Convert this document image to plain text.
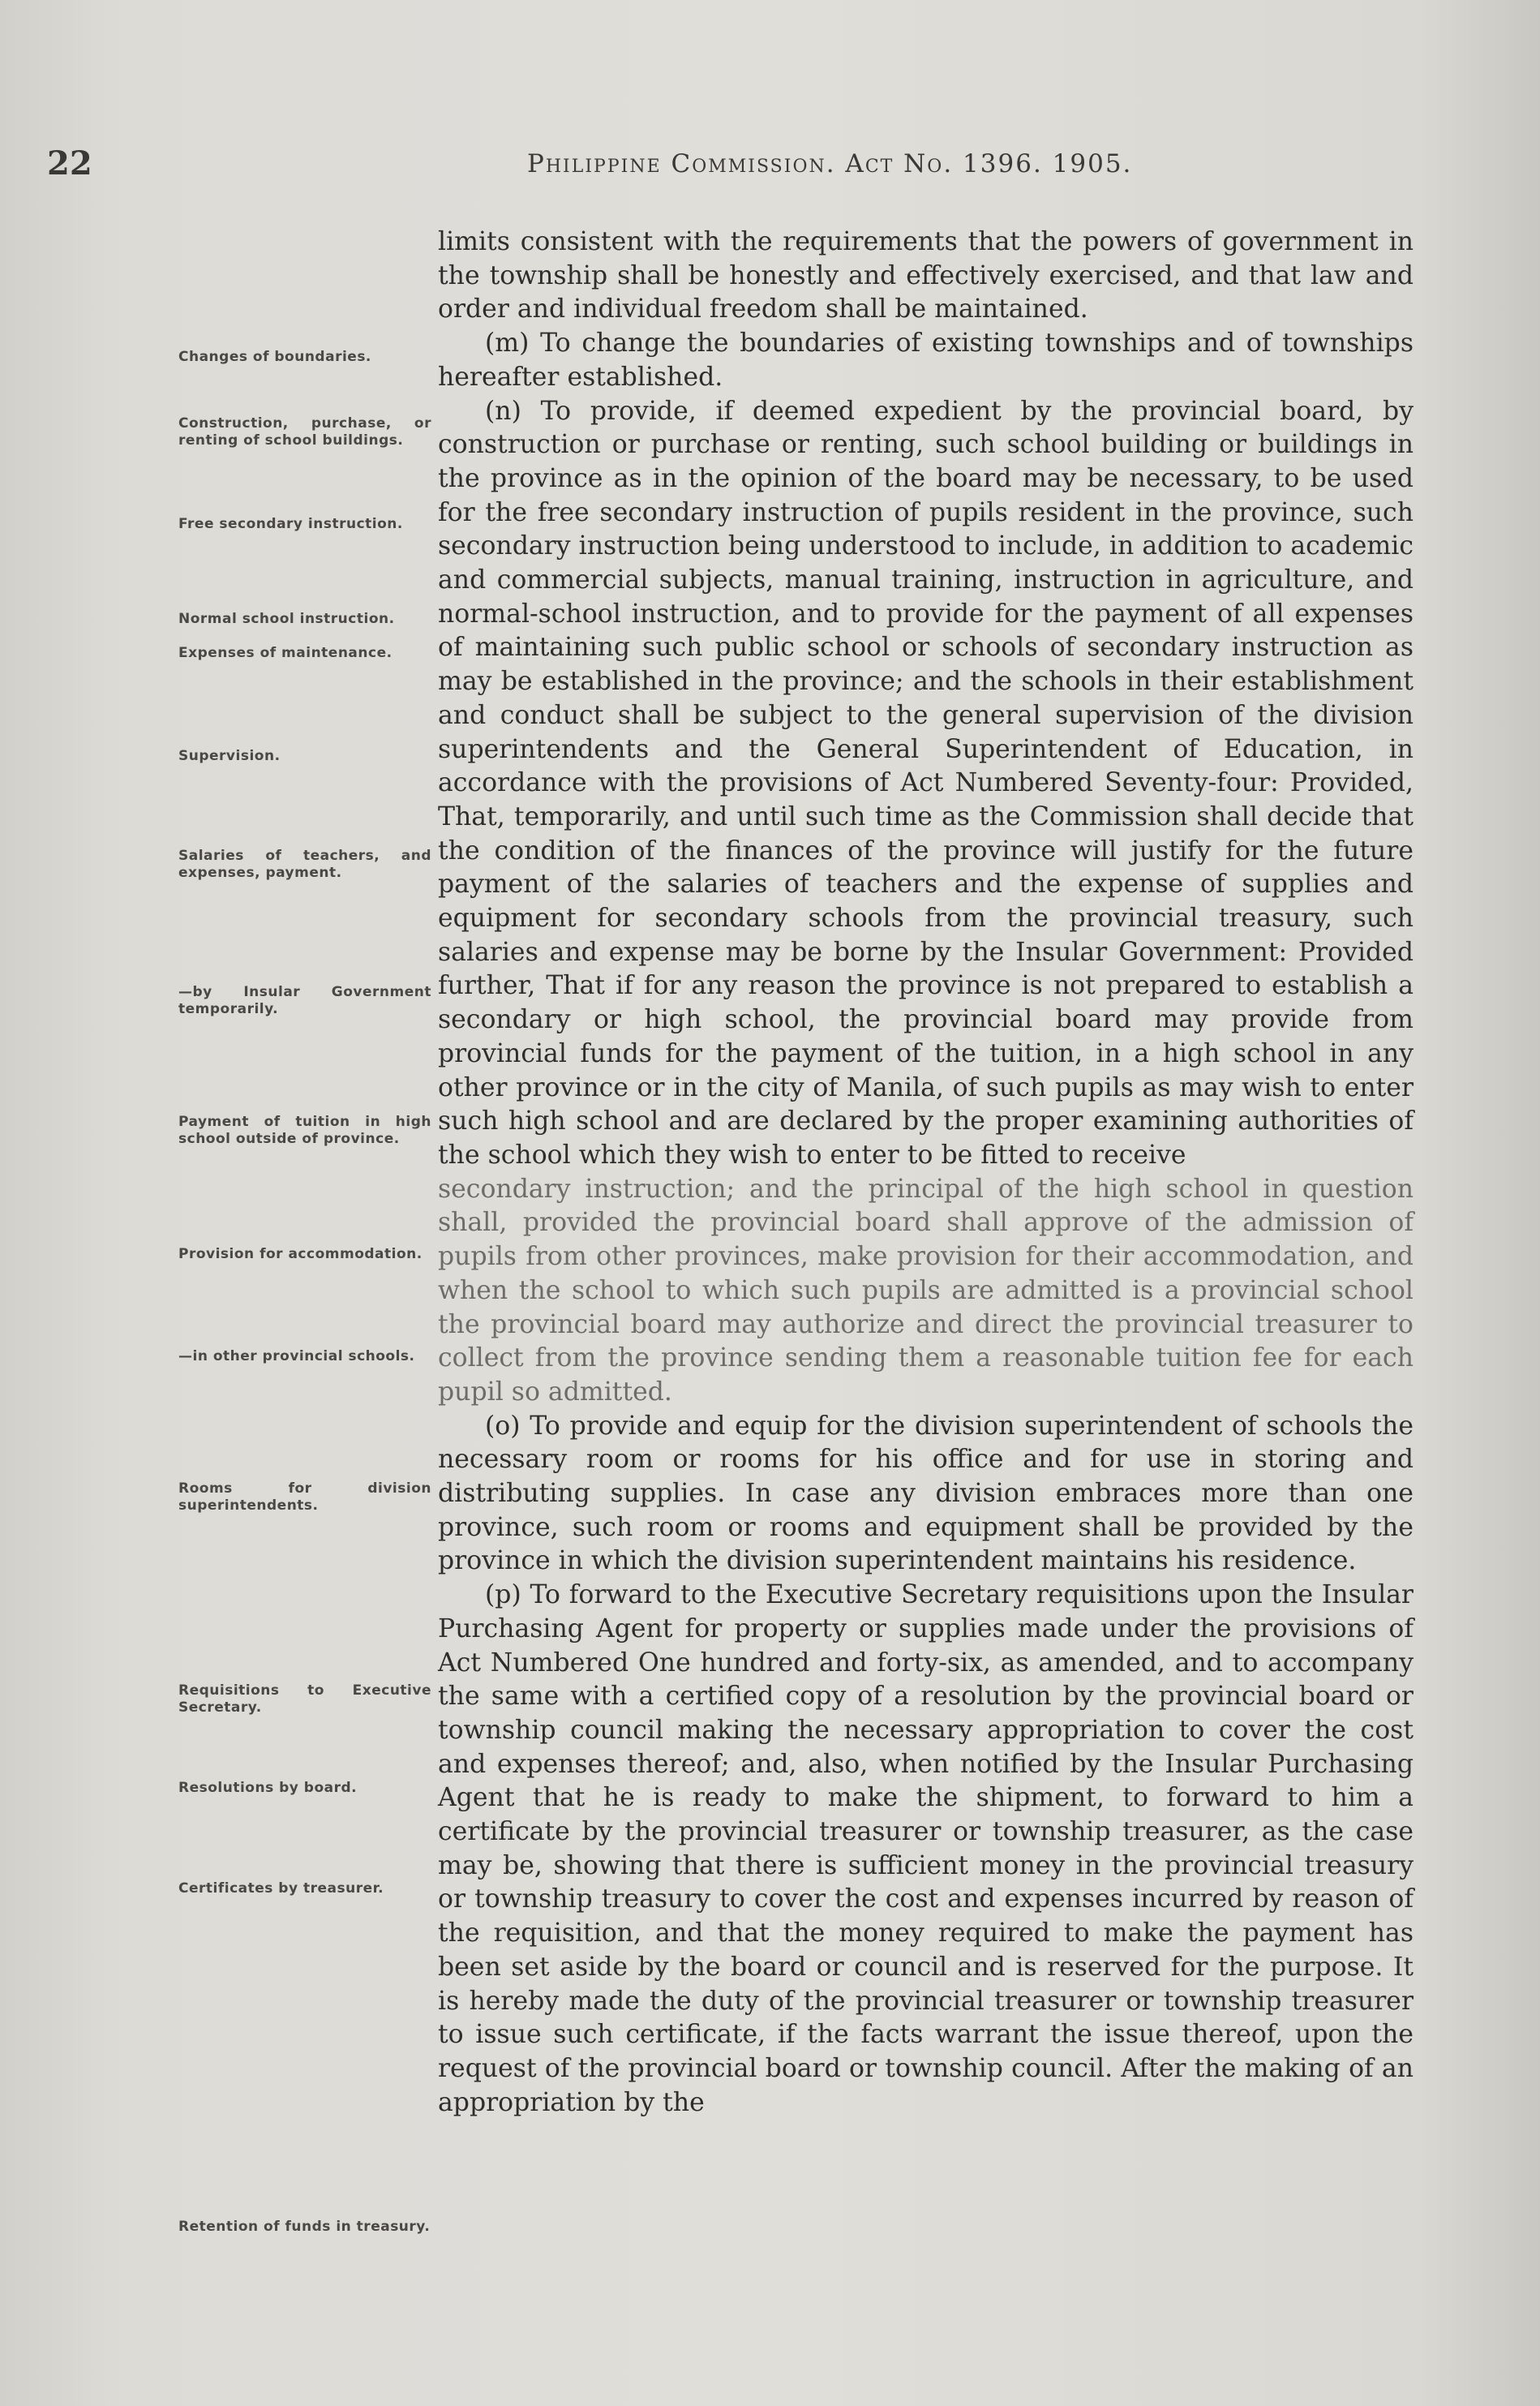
22	Philippine Commission. Act No. 1396. 1905.
Changes of boundaries.
Construction, purchase, or renting of school buildings.
Free secondary instruction.
Normal school instruction.
Expenses of maintenance.
Supervision.
Salaries of teachers, and expenses, payment.
—by Insular Government temporarily.
Payment of tuition in high school outside of province.
Provision for accommodation.
—in other provincial schools.
Rooms for division superintendents.
Requisitions to Executive Secretary.
Resolutions by board.
Certificates by treasurer.
Retention of funds in treasury.

limits consistent with the requirements that the powers of government in the township shall be honestly and effectively exercised, and that law and order and individual freedom shall be maintained.

(m) To change the boundaries of existing townships and of townships hereafter established.

(n) To provide, if deemed expedient by the provincial board, by construction or purchase or renting, such school building or buildings in the province as in the opinion of the board may be necessary, to be used for the free secondary instruction of pupils resident in the province, such secondary instruction being understood to include, in addition to academic and commercial subjects, manual training, instruction in agriculture, and normal-school instruction, and to provide for the payment of all expenses of maintaining such public school or schools of secondary instruction as may be established in the province; and the schools in their establishment and conduct shall be subject to the general supervision of the division superintendents and the General Superintendent of Education, in accordance with the provisions of Act Numbered Seventy-four: Provided, That, temporarily, and until such time as the Commission shall decide that the condition of the finances of the province will justify for the future payment of the salaries of teachers and the expense of supplies and equipment for secondary schools from the provincial treasury, such salaries and expense may be borne by the Insular Government: Provided further, That if for any reason the province is not prepared to establish a secondary or high school, the provincial board may provide from provincial funds for the payment of the tuition, in a high school in any other province or in the city of Manila, of such pupils as may wish to enter such high school and are declared by the proper examining authorities of the school which they wish to enter to be fitted to receive

secondary instruction; and the principal of the high school in question shall, provided the provincial board shall approve of the admission of pupils from other provinces, make provision for their accommodation, and when the school to which such pupils are admitted is a provincial school the provincial board may authorize and direct the provincial treasurer to collect from the province sending them a reasonable tuition fee for each pupil so admitted.

(o) To provide and equip for the division superintendent of schools the necessary room or rooms for his office and for use in storing and distributing supplies. In case any division embraces more than one province, such room or rooms and equipment shall be provided by the province in which the division superintendent maintains his residence.

(p) To forward to the Executive Secretary requisitions upon the Insular Purchasing Agent for property or supplies made under the provisions of Act Numbered One hundred and forty-six, as amended, and to accompany the same with a certified copy of a resolution by the provincial board or township council making the necessary appropriation to cover the cost and expenses thereof; and, also, when notified by the Insular Purchasing Agent that he is ready to make the shipment, to forward to him a certificate by the provincial treasurer or township treasurer, as the case may be, showing that there is sufficient money in the provincial treasury or township treasury to cover the cost and expenses incurred by reason of the requisition, and that the money required to make the payment has been set aside by the board or council and is reserved for the purpose. It is hereby made the duty of the provincial treasurer or township treasurer to issue such certificate, if the facts warrant the issue thereof, upon the request of the provincial board or township council. After the making of an appropriation by the
